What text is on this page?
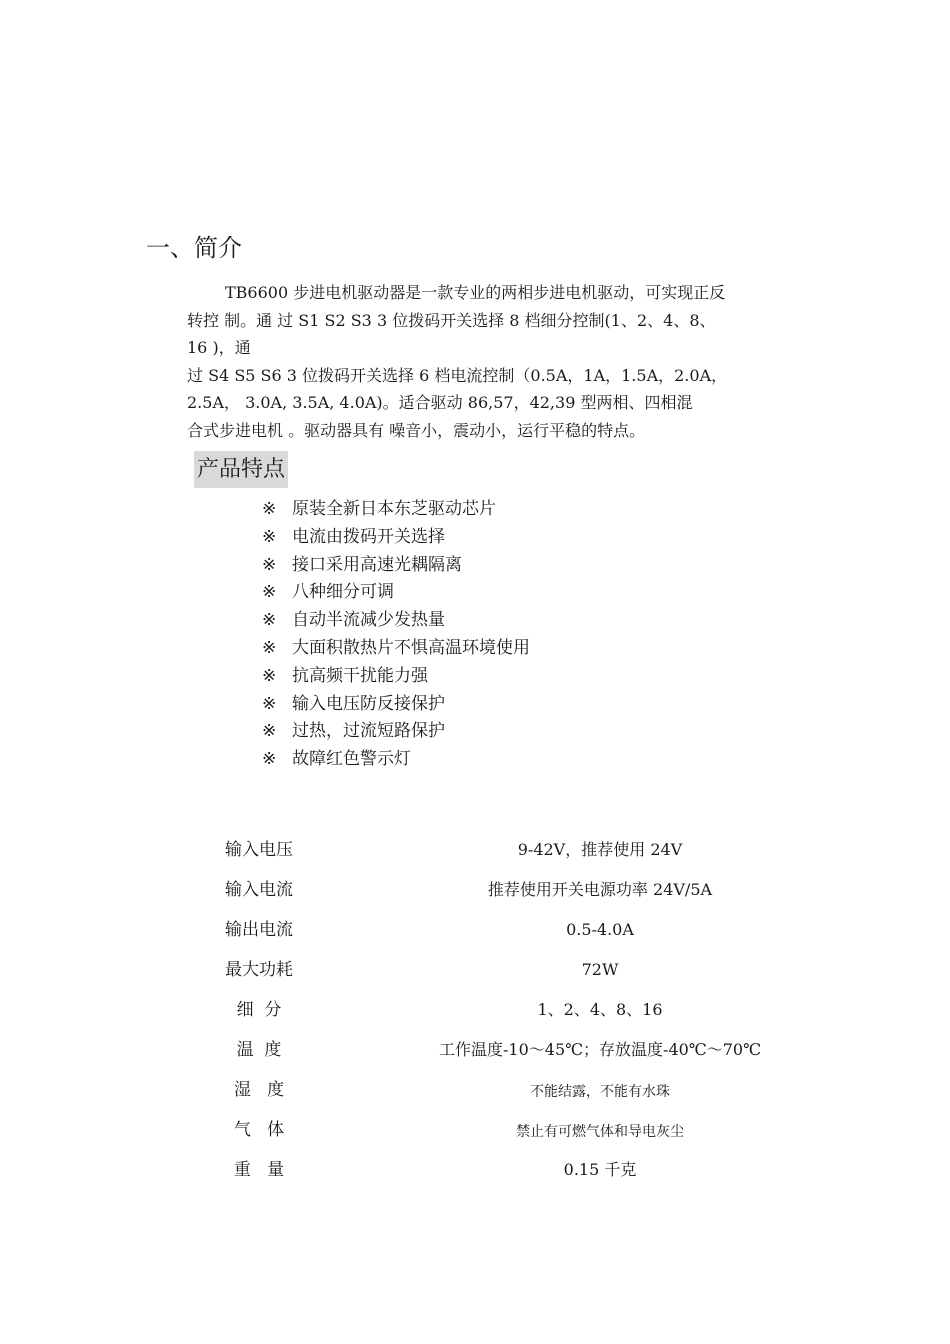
一、简介

TB6600 步进电机驱动器是一款专业的两相步进电机驱动，可实现正反

转控 制。通 过 S1 S2 S3 3 位拨码开关选择 8 档细分控制(1、2、4、8、

16 )，通

过 S4 S5 S6 3 位拨码开关选择 6 档电流控制（0.5A，1A，1.5A，2.0A，

2.5A， 3.0A, 3.5A, 4.0A)。适合驱动 86,57，42,39 型两相、四相混

合式步进电机 。驱动器具有 噪音小，震动小，运行平稳的特点。

产品特点
※ 原装全新日本东芝驱动芯片
※ 电流由拨码开关选择
※ 接口采用高速光耦隔离
※ 八种细分可调
※ 自动半流减少发热量
※ 大面积散热片不惧高温环境使用
※ 抗高频干扰能力强
※ 输入电压防反接保护
※ 过热，过流短路保护
※ 故障红色警示灯
输入电压	9-42V，推荐使用 24V
输入电流	推荐使用开关电源功率 24V/5A
输出电流	0.5-4.0A
最大功耗	72W
细  分	1、2、4、8、16
温  度	工作温度-10～45℃；存放温度-40℃～70℃
湿   度	不能结露，不能有水珠
气   体	禁止有可燃气体和导电灰尘
重   量	0.15 千克
